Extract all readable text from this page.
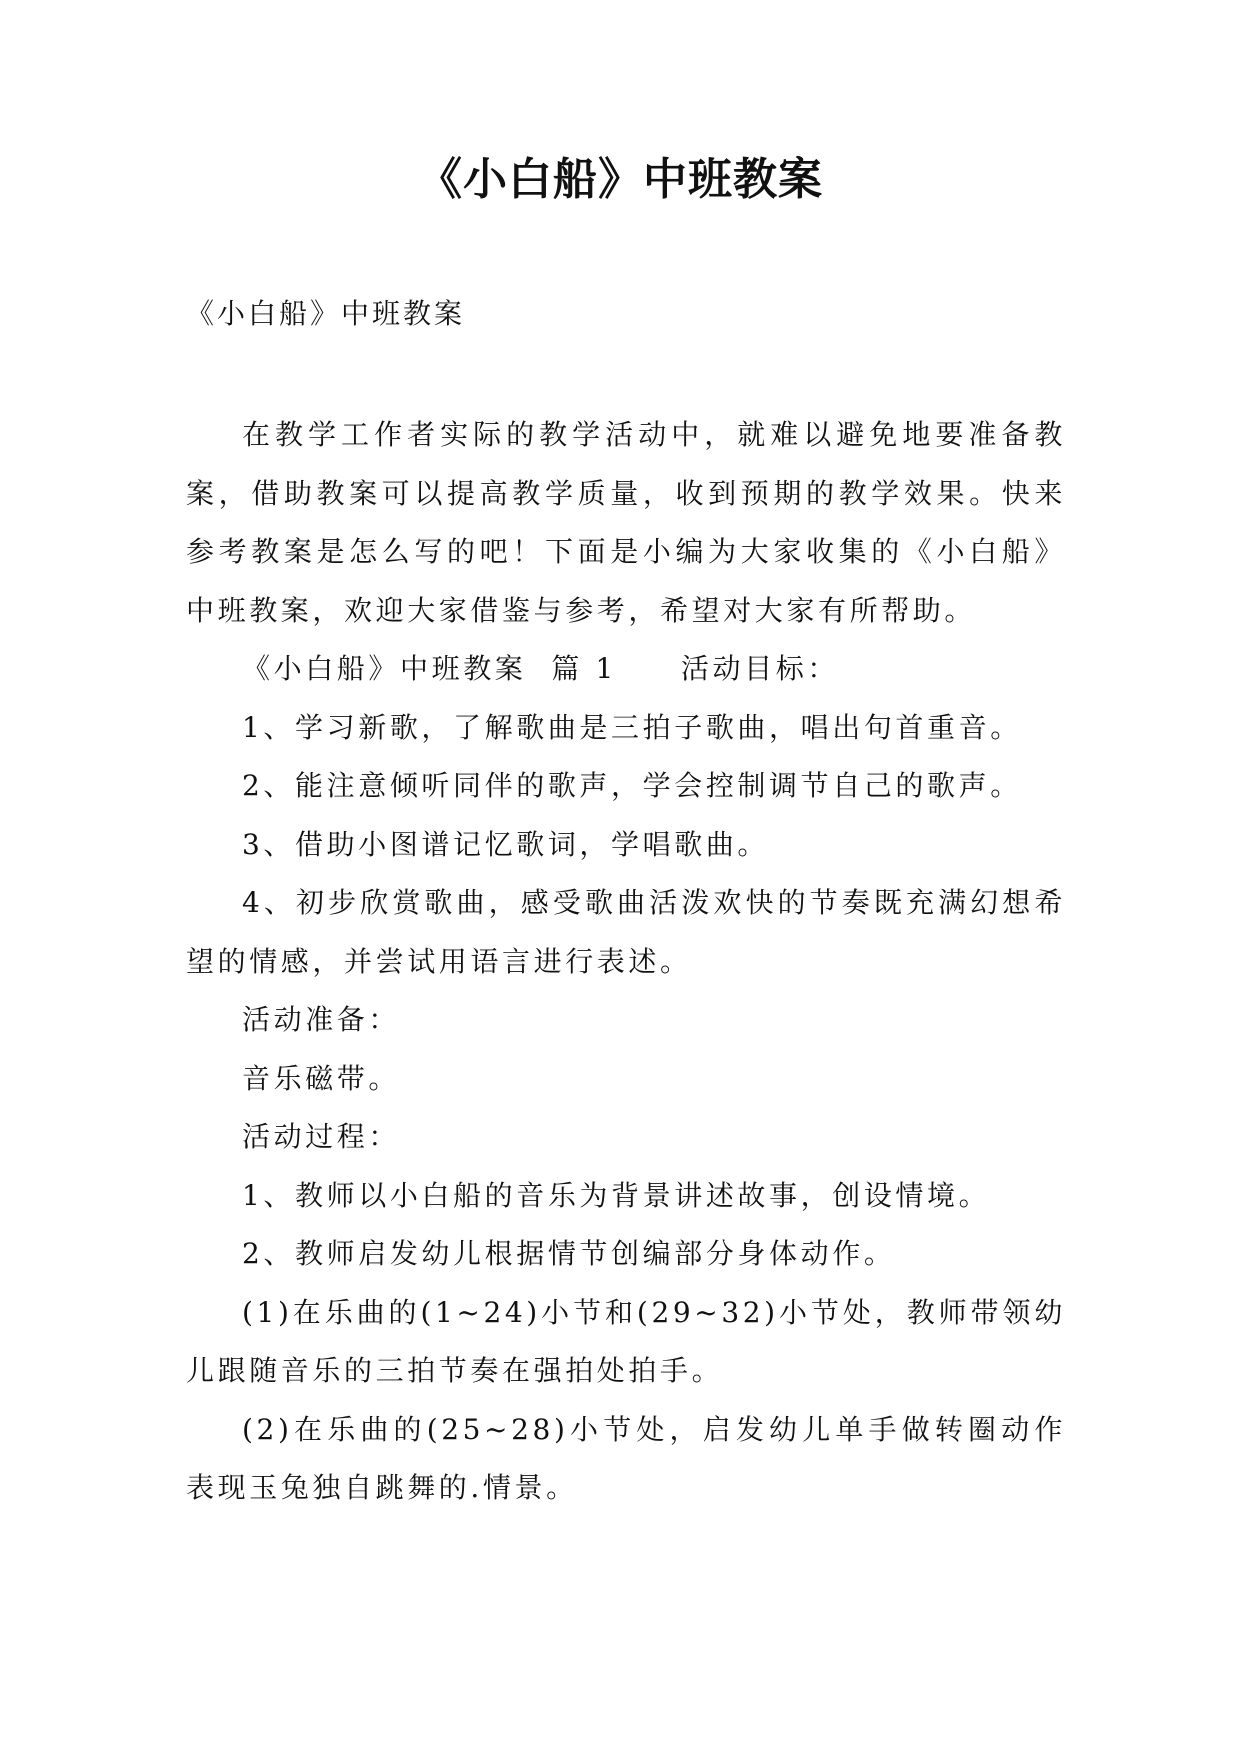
《小白船》中班教案

《小白船》中班教案

在教学工作者实际的教学活动中，就难以避免地要准备教案，借助教案可以提高教学质量，收到预期的教学效果。快来参考教案是怎么写的吧！下面是小编为大家收集的《小白船》中班教案，欢迎大家借鉴与参考，希望对大家有所帮助。

《小白船》中班教案  篇 1 活动目标：

1、学习新歌，了解歌曲是三拍子歌曲，唱出句首重音。

2、能注意倾听同伴的歌声，学会控制调节自己的歌声。

3、借助小图谱记忆歌词，学唱歌曲。

4、初步欣赏歌曲，感受歌曲活泼欢快的节奏既充满幻想希望的情感，并尝试用语言进行表述。

活动准备：

音乐磁带。

活动过程：

1、教师以小白船的音乐为背景讲述故事，创设情境。

2、教师启发幼儿根据情节创编部分身体动作。

(1)在乐曲的(1~24)小节和(29~32)小节处，教师带领幼儿跟随音乐的三拍节奏在强拍处拍手。

(2)在乐曲的(25~28)小节处，启发幼儿单手做转圈动作表现玉兔独自跳舞的.情景。
